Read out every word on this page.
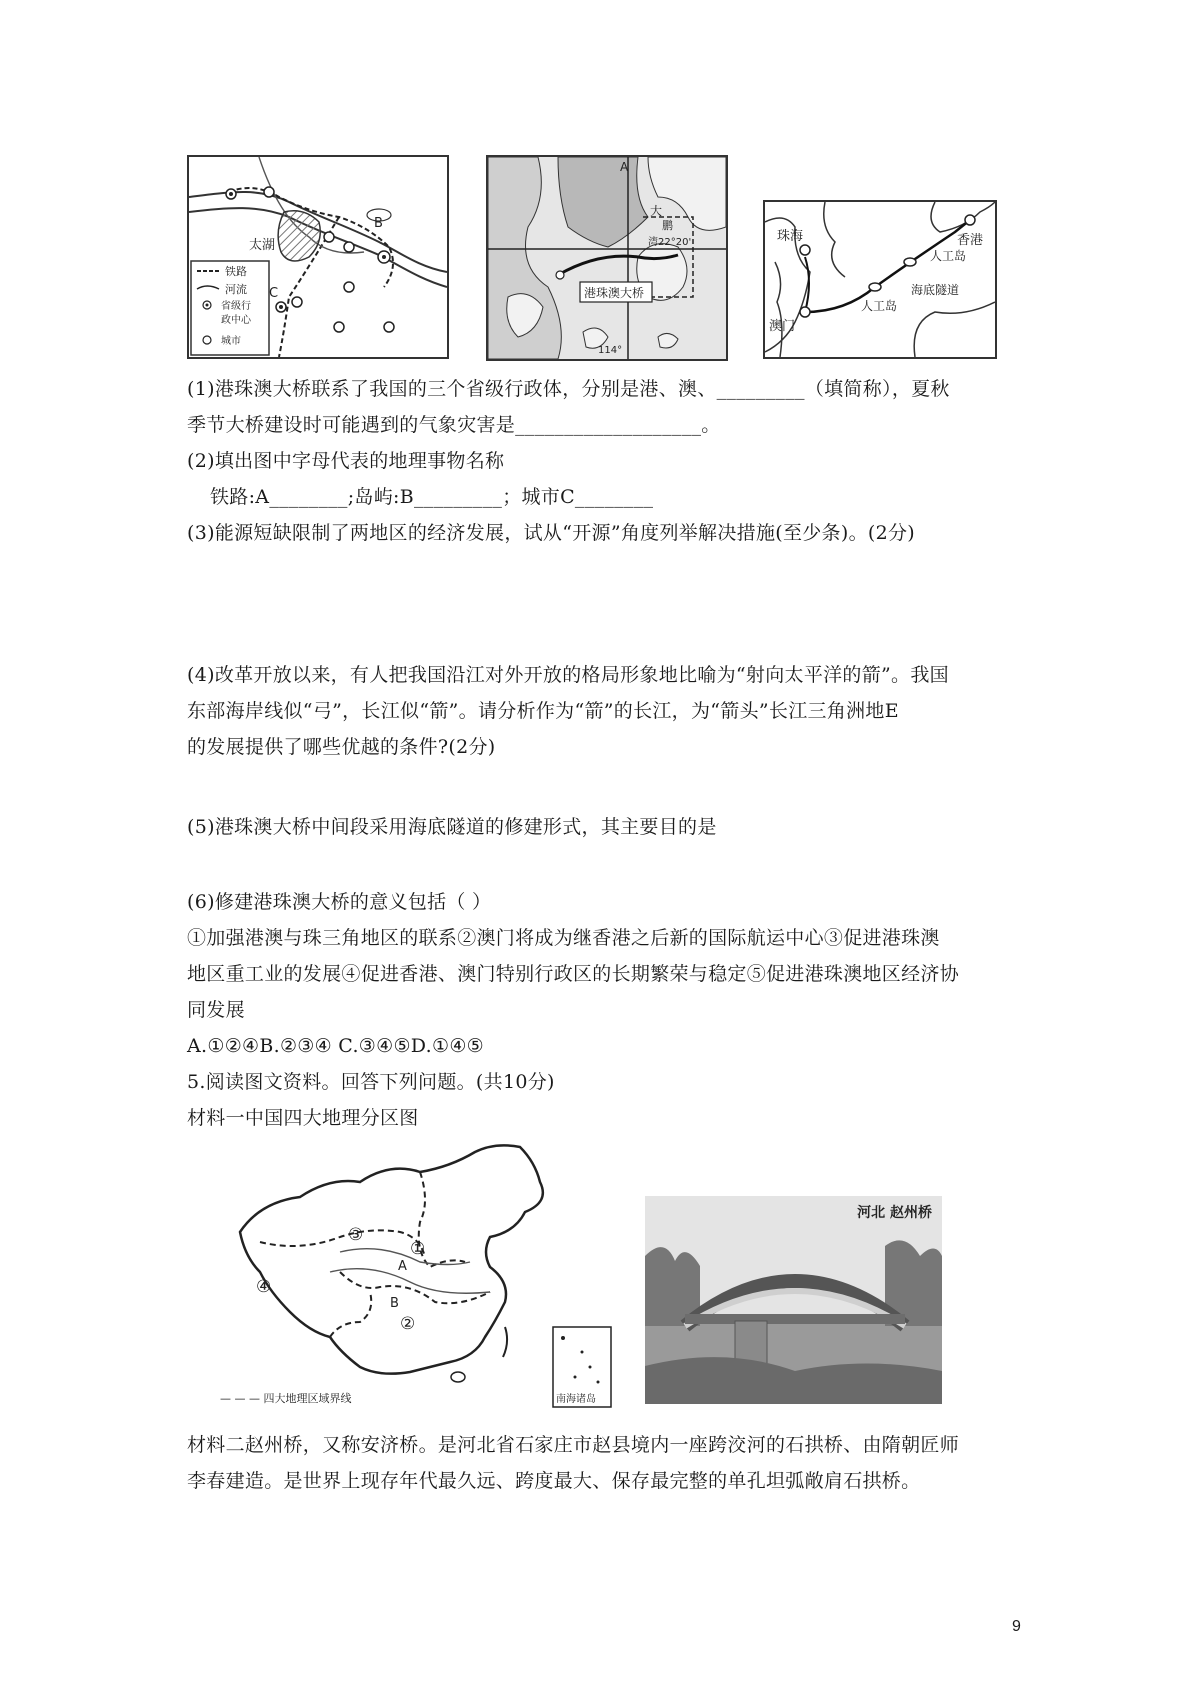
太湖
B
C
铁路
河流
省级行
政中心
城市
港珠澳大桥
A
大
鹏
湾22°20'
114°
珠海	香港
澳门
人工岛
人工岛
海底隧道
(1)港珠澳大桥联系了我国的三个省级行政体，分别是港、澳、_________（填简称），夏秋
季节大桥建设时可能遇到的气象灾害是___________________。
(2)填出图中字母代表的地理事物名称
铁路:A________;岛屿:B_________；城市C________
(3)能源短缺限制了两地区的经济发展，试从“开源”角度列举解决措施(至少条)。(2分)
(4)改革开放以来，有人把我国沿江对外开放的格局形象地比喻为“射向太平洋的箭”。我国
东部海岸线似“弓”，长江似“箭”。请分析作为“箭”的长江，为“箭头”长江三角洲地E
的发展提供了哪些优越的条件?(2分)
(5)港珠澳大桥中间段采用海底隧道的修建形式，其主要目的是
(6)修建港珠澳大桥的意义包括（ ）
①加强港澳与珠三角地区的联系②澳门将成为继香港之后新的国际航运中心③促进港珠澳
地区重工业的发展④促进香港、澳门特别行政区的长期繁荣与稳定⑤促进港珠澳地区经济协
同发展
A.①②④B.②③④ C.③④⑤D.①④⑤
5.阅读图文资料。回答下列问题。(共10分)
材料一中国四大地理分区图
③
①
④
②
A
B
— — — 四大地理区域界线	南海诸岛
河北 赵州桥
材料二赵州桥，又称安济桥。是河北省石家庄市赵县境内一座跨洨河的石拱桥、由隋朝匠师
李春建造。是世界上现存年代最久远、跨度最大、保存最完整的单孔坦弧敞肩石拱桥。
9
